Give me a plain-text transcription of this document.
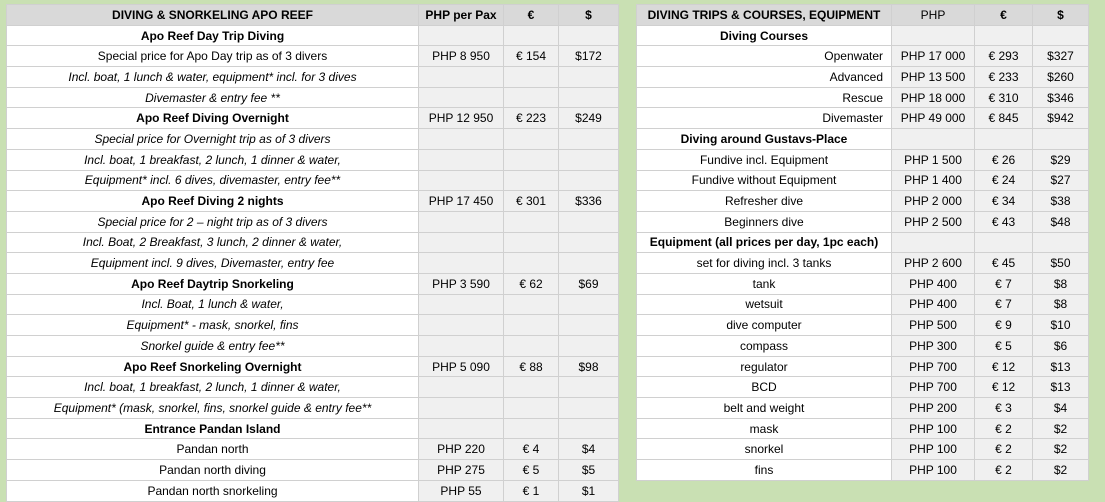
DIVING & SNORKELING APO REEF	PHP per Pax	€	$
Apo Reef Day Trip Diving			
Special price for Apo Day trip as of 3 divers	PHP 8 950	€ 154	$172
Incl. boat, 1 lunch & water, equipment* incl. for 3 dives			
Divemaster & entry fee **			
Apo Reef Diving Overnight	PHP 12 950	€ 223	$249
Special price for Overnight trip as of 3 divers			
Incl. boat, 1 breakfast, 2 lunch, 1 dinner & water,			
Equipment* incl. 6 dives, divemaster, entry fee**			
Apo Reef Diving 2 nights	PHP 17 450	€ 301	$336
Special price for 2 – night trip as of 3 divers			
Incl. Boat, 2 Breakfast, 3 lunch, 2 dinner & water,			
Equipment incl. 9 dives, Divemaster, entry fee			
Apo Reef Daytrip Snorkeling	PHP 3 590	€ 62	$69
Incl. Boat, 1 lunch & water,			
Equipment* - mask, snorkel, fins			
Snorkel guide & entry fee**			
Apo Reef Snorkeling Overnight	PHP 5 090	€ 88	$98
Incl. boat, 1 breakfast, 2 lunch, 1 dinner & water,			
Equipment* (mask, snorkel, fins, snorkel guide & entry fee**			
Entrance Pandan Island			
Pandan north	PHP 220	€ 4	$4
Pandan north diving	PHP 275	€ 5	$5
Pandan north snorkeling	PHP 55	€ 1	$1
DIVING TRIPS & COURSES, EQUIPMENT	PHP	€	$
Diving Courses			
Openwater	PHP 17 000	€ 293	$327
Advanced	PHP 13 500	€ 233	$260
Rescue	PHP 18 000	€ 310	$346
Divemaster	PHP 49 000	€ 845	$942
Diving around Gustavs-Place			
Fundive incl. Equipment	PHP 1 500	€ 26	$29
Fundive without Equipment	PHP 1 400	€ 24	$27
Refresher dive	PHP 2 000	€ 34	$38
Beginners dive	PHP 2 500	€ 43	$48
Equipment (all prices per day, 1pc each)			
set for diving incl. 3 tanks	PHP 2 600	€ 45	$50
tank	PHP 400	€ 7	$8
wetsuit	PHP 400	€ 7	$8
dive computer	PHP 500	€ 9	$10
compass	PHP 300	€ 5	$6
regulator	PHP 700	€ 12	$13
BCD	PHP 700	€ 12	$13
belt and weight	PHP 200	€ 3	$4
mask	PHP 100	€ 2	$2
snorkel	PHP 100	€ 2	$2
fins	PHP 100	€ 2	$2
